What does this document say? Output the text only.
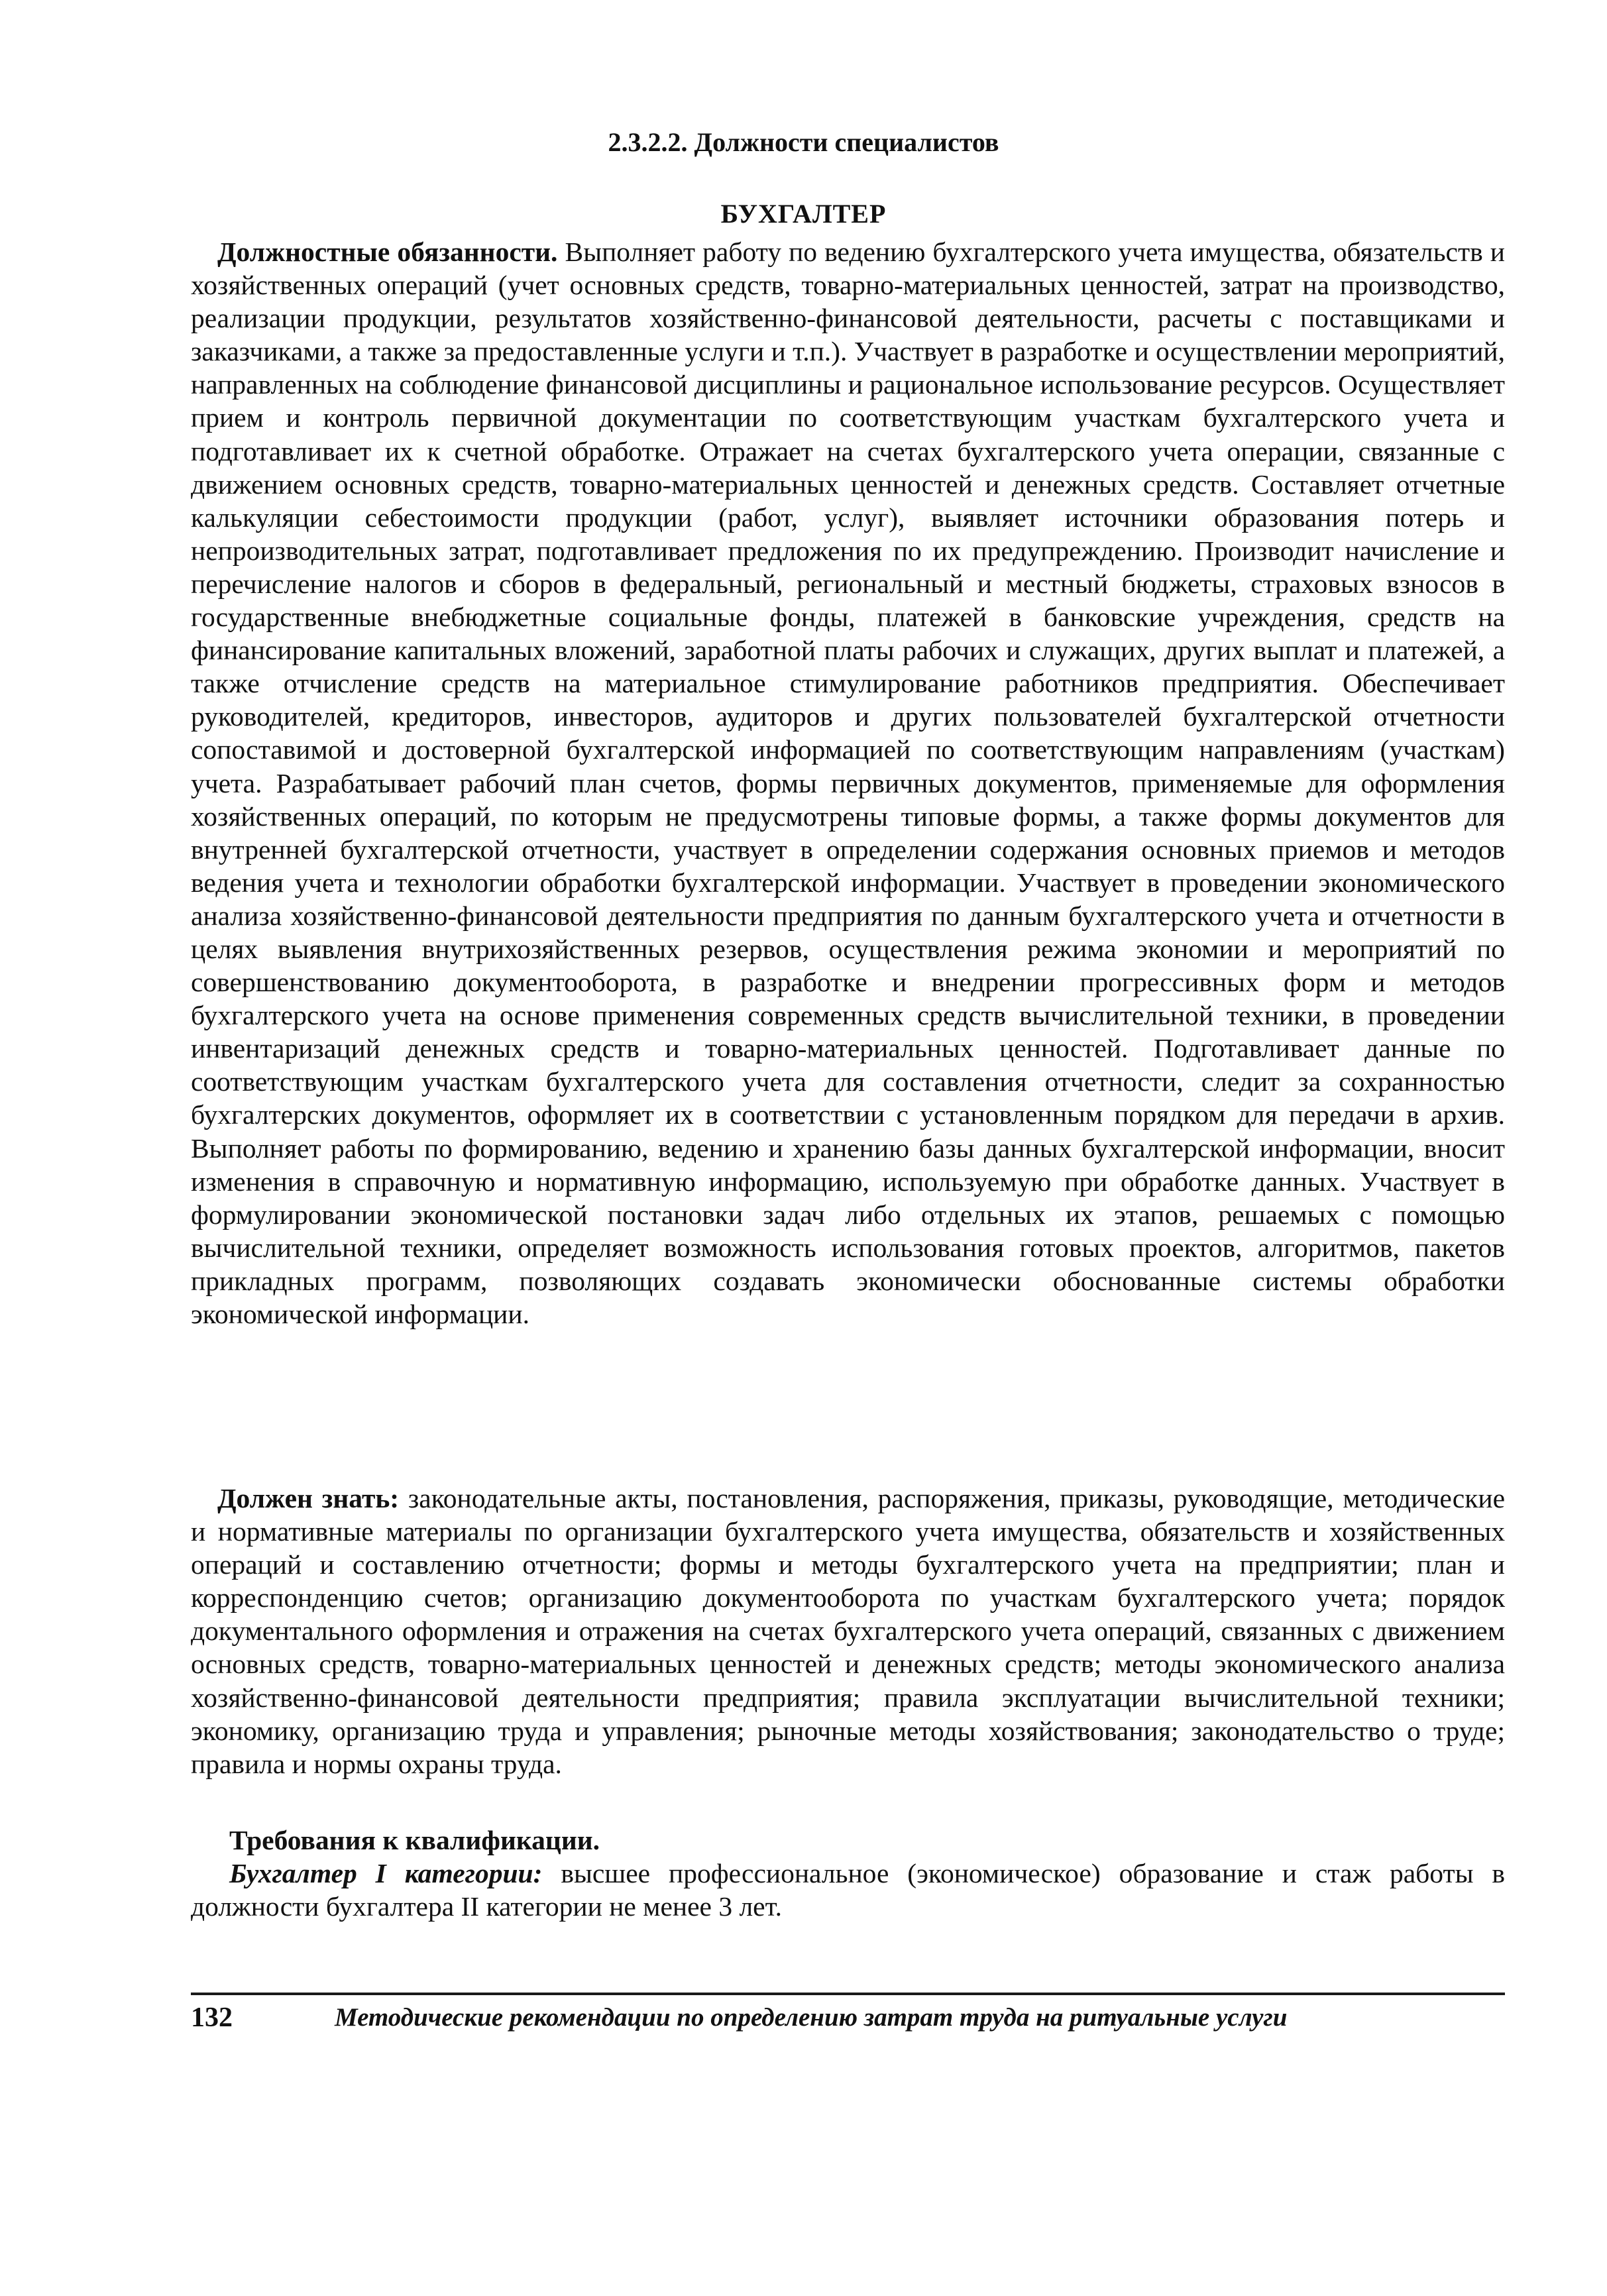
2.3.2.2. Должности специалистов
БУХГАЛТЕР

Должностные обязанности. Выполняет работу по ведению бухгалтерского учета имущества, обязательств и хозяйственных операций (учет основных средств, товарно-материальных ценностей, затрат на производство, реализации продукции, результатов хозяйственно-финансовой деятельности, расчеты с поставщиками и заказчиками, а также за предоставленные услуги и т.п.). Участвует в разработке и осуществлении мероприятий, направленных на соблюдение финансовой дисциплины и рациональное использование ресурсов. Осуществляет прием и контроль первичной документации по соответствующим участкам бухгалтерского учета и подготавливает их к счетной обработке. Отражает на счетах бухгалтерского учета операции, связанные с движением основных средств, товарно-материальных ценностей и денежных средств. Составляет отчетные калькуляции себестоимости продукции (работ, услуг), выявляет источники образования потерь и непроизводительных затрат, подготавливает предложения по их предупреждению. Производит начисление и перечисление налогов и сборов в федеральный, региональный и местный бюджеты, страховых взносов в государственные внебюджетные социальные фонды, платежей в банковские учреждения, средств на финансирование капитальных вложений, заработной платы рабочих и служащих, других выплат и платежей, а также отчисление средств на материальное стимулирование работников предприятия. Обеспечивает руководителей, кредиторов, инвесторов, аудиторов и других пользователей бухгалтерской отчетности сопоставимой и достоверной бухгалтерской информацией по соответствующим направлениям (участкам) учета. Разрабатывает рабочий план счетов, формы первичных документов, применяемые для оформления хозяйственных операций, по которым не предусмотрены типовые формы, а также формы документов для внутренней бухгалтерской отчетности, участвует в определении содержания основных приемов и методов ведения учета и технологии обработки бухгалтерской информации. Участвует в проведении экономического анализа хозяйственно-финансовой деятельности предприятия по данным бухгалтерского учета и отчетности в целях выявления внутрихозяйственных резервов, осуществления режима экономии и мероприятий по совершенствованию документооборота, в разработке и внедрении прогрессивных форм и методов бухгалтерского учета на основе применения современных средств вычислительной техники, в проведении инвентаризаций денежных средств и товарно-материальных ценностей. Подготавливает данные по соответствующим участкам бухгалтерского учета для составления отчетности, следит за сохранностью бухгалтерских документов, оформляет их в соответствии с установленным порядком для передачи в архив. Выполняет работы по формированию, ведению и хранению базы данных бухгалтерской информации, вносит изменения в справочную и нормативную информацию, используемую при обработке данных. Участвует в формулировании экономической постановки задач либо отдельных их этапов, решаемых с помощью вычислительной техники, определяет возможность использования готовых проектов, алгоритмов, пакетов прикладных программ, позволяющих создавать экономически обоснованные системы обработки экономической информации.

Должен знать: законодательные акты, постановления, распоряжения, приказы, руководящие, методические и нормативные материалы по организации бухгалтерского учета имущества, обязательств и хозяйственных операций и составлению отчетности; формы и методы бухгалтерского учета на предприятии; план и корреспонденцию счетов; организацию документооборота по участкам бухгалтерского учета; порядок документального оформления и отражения на счетах бухгалтерского учета операций, связанных с движением основных средств, товарно-материальных ценностей и денежных средств; методы экономического анализа хозяйственно-финансовой деятельности предприятия; правила эксплуатации вычислительной техники; экономику, организацию труда и управления; рыночные методы хозяйствования; законодательство о труде; правила и нормы охраны труда.

Требования к квалификации.

Бухгалтер I категории: высшее профессиональное (экономическое) образование и стаж работы в должности бухгалтера II категории не менее 3 лет.

132	Методические рекомендации по определению затрат труда на ритуальные услуги
